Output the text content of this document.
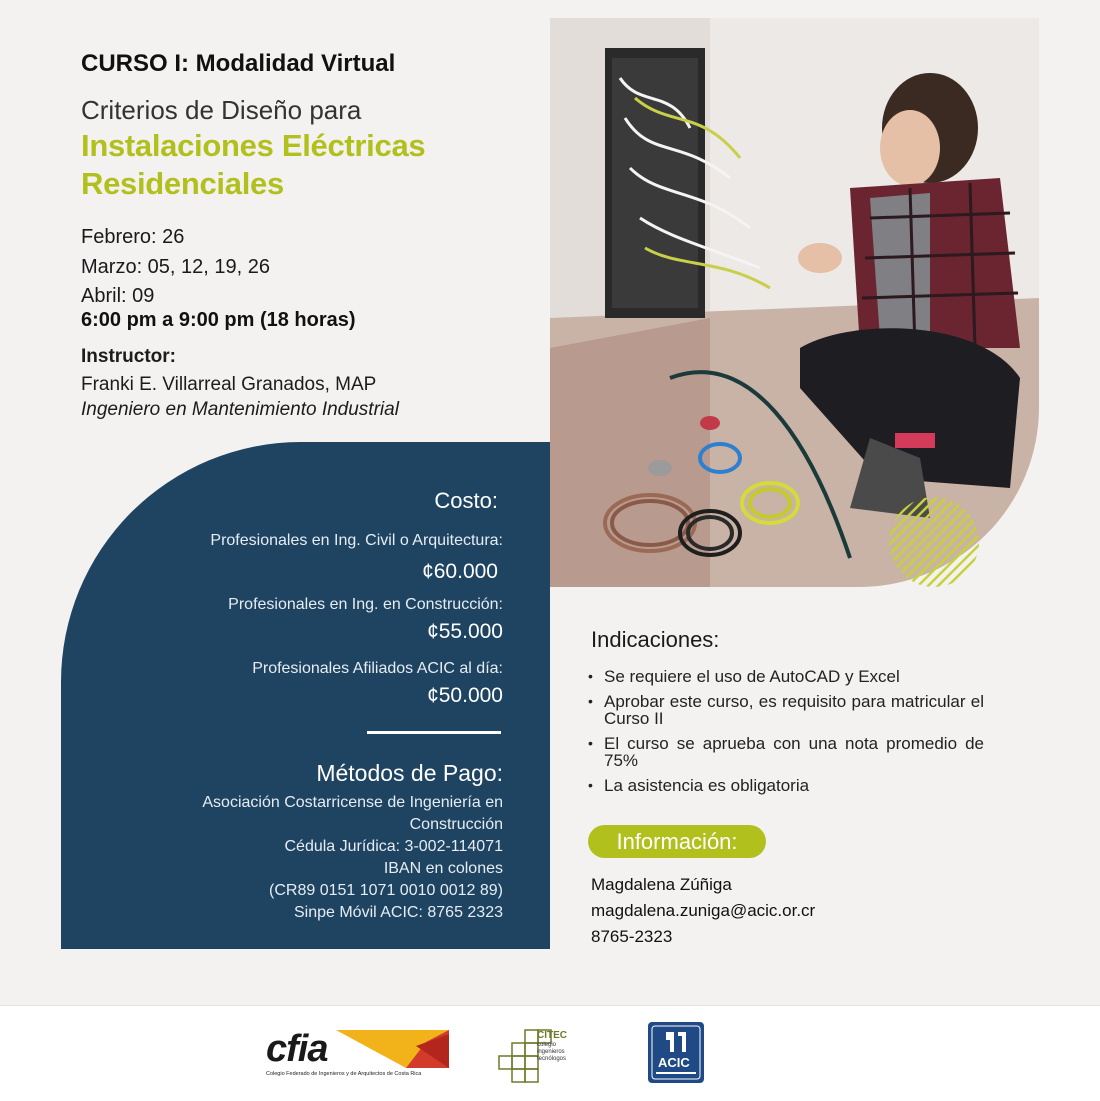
CURSO I: Modalidad Virtual
Criterios de Diseño para
Instalaciones Eléctricas
Residenciales
Febrero: 26
Marzo: 05, 12, 19, 26
Abril: 09
6:00 pm a 9:00 pm (18 horas)
Instructor:
Franki E. Villarreal Granados, MAP
Ingeniero en Mantenimiento Industrial
Costo:
Profesionales en Ing. Civil o Arquitectura:
¢60.000
Profesionales en Ing. en Construcción:
¢55.000
Profesionales Afiliados ACIC al día:
¢50.000
Métodos de Pago:
Asociación Costarricense de Ingeniería en
Construcción
Cédula Jurídica: 3-002-114071
IBAN en colones
(CR89 0151 1071 0010 0012 89)
Sinpe Móvil ACIC: 8765 2323
Indicaciones:
• Se requiere el uso de AutoCAD y Excel
• Aprobar este curso, es requisito para matricular el Curso II
• El curso se aprueba con una nota promedio de 75%
• La asistencia es obligatoria
Información:
Magdalena Zúñiga
magdalena.zuniga@acic.or.cr
8765-2323
cfia
Colegio Federado de Ingenieros y de Arquitectos de Costa Rica
CITEC
colegio
ingenieros
tecnólogos	ACIC
